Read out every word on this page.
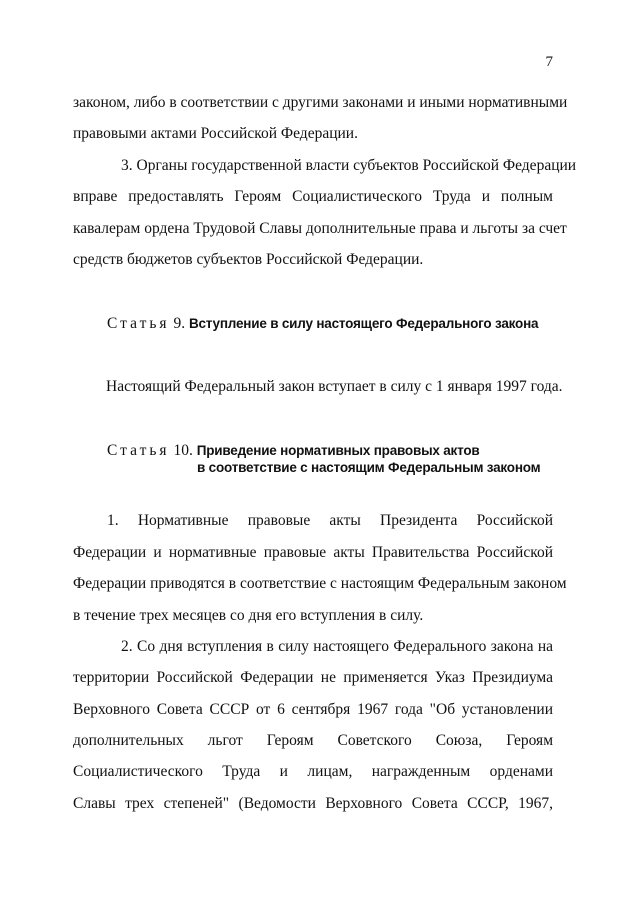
7
законом, либо в соответствии с другими законами и иными нормативными
правовыми актами Российской Федерации.
3. Органы государственной власти субъектов Российской Федерации
вправе предоставлять Героям Социалистического Труда и полным
кавалерам ордена Трудовой Славы дополнительные права и льготы за счет
средств бюджетов субъектов Российской Федерации.
Статья 9. Вступление в силу настоящего Федерального закона
Настоящий Федеральный закон вступает в силу с 1 января 1997 года.
Статья 10. Приведение нормативных правовых актов
в соответствие с настоящим Федеральным законом
1. Нормативные правовые акты Президента Российской
Федерации и нормативные правовые акты Правительства Российской
Федерации приводятся в соответствие с настоящим Федеральным законом
в течение трех месяцев со дня его вступления в силу.
2. Со дня вступления в силу настоящего Федерального закона на
территории Российской Федерации не применяется Указ Президиума
Верховного Совета СССР от 6 сентября 1967 года "Об установлении
дополнительных льгот Героям Советского Союза, Героям
Социалистического Труда и лицам, награжденным орденами
Славы трех степеней" (Ведомости Верховного Совета СССР, 1967,
